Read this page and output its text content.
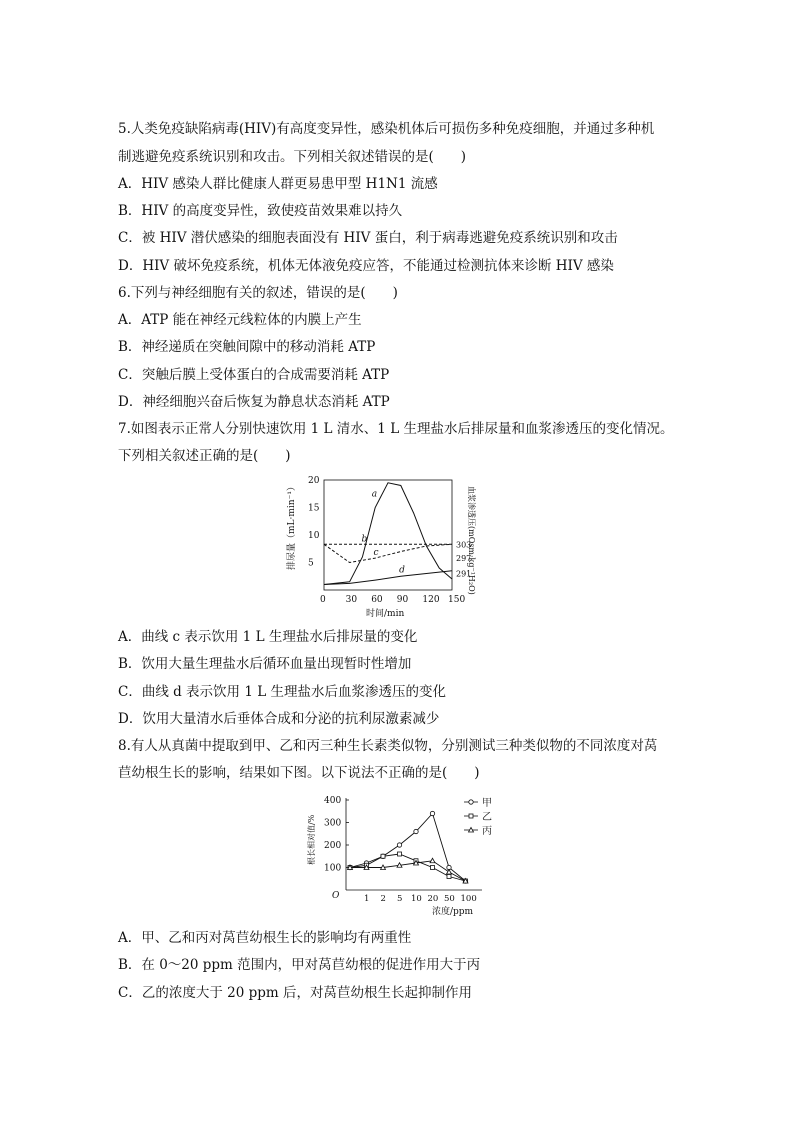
5.人类免疫缺陷病毒(HIV)有高度变异性，感染机体后可损伤多种免疫细胞，并通过多种机
制逃避免疫系统识别和攻击。下列相关叙述错误的是(　　)
A．HIV 感染人群比健康人群更易患甲型 H1N1 流感
B．HIV 的高度变异性，致使疫苗效果难以持久
C．被 HIV 潜伏感染的细胞表面没有 HIV 蛋白，利于病毒逃避免疫系统识别和攻击
D．HIV 破坏免疫系统，机体无体液免疫应答，不能通过检测抗体来诊断 HIV 感染
6.下列与神经细胞有关的叙述，错误的是(　　)
A．ATP 能在神经元线粒体的内膜上产生
B．神经递质在突触间隙中的移动消耗 ATP
C．突触后膜上受体蛋白的合成需要消耗 ATP
D．神经细胞兴奋后恢复为静息状态消耗 ATP
7.如图表示正常人分别快速饮用 1 L 清水、1 L 生理盐水后排尿量和血浆渗透压的变化情况。
下列相关叙述正确的是(　　)
排尿量（mL·min⁻¹）	血浆渗透压(mOsm·kg⁻¹H₂O)
时间/min
0 30 60 90 120 150
5
10
15
20
303
297
291
a
b
c
d
A．曲线 c 表示饮用 1 L 生理盐水后排尿量的变化
B．饮用大量生理盐水后循环血量出现暂时性增加
C．曲线 d 表示饮用 1 L 生理盐水后血浆渗透压的变化
D．饮用大量清水后垂体合成和分泌的抗利尿激素减少
8.有人从真菌中提取到甲、乙和丙三种生长素类似物，分别测试三种类似物的不同浓度对莴
苣幼根生长的影响，结果如下图。以下说法不正确的是(　　)
根长相对值/%
O
浓度/ppm
100
200
300
400
1 2 5 10 20 50 100
甲
乙
丙
A．甲、乙和丙对莴苣幼根生长的影响均有两重性
B．在 0～20 ppm 范围内，甲对莴苣幼根的促进作用大于丙
C．乙的浓度大于 20 ppm 后，对莴苣幼根生长起抑制作用
